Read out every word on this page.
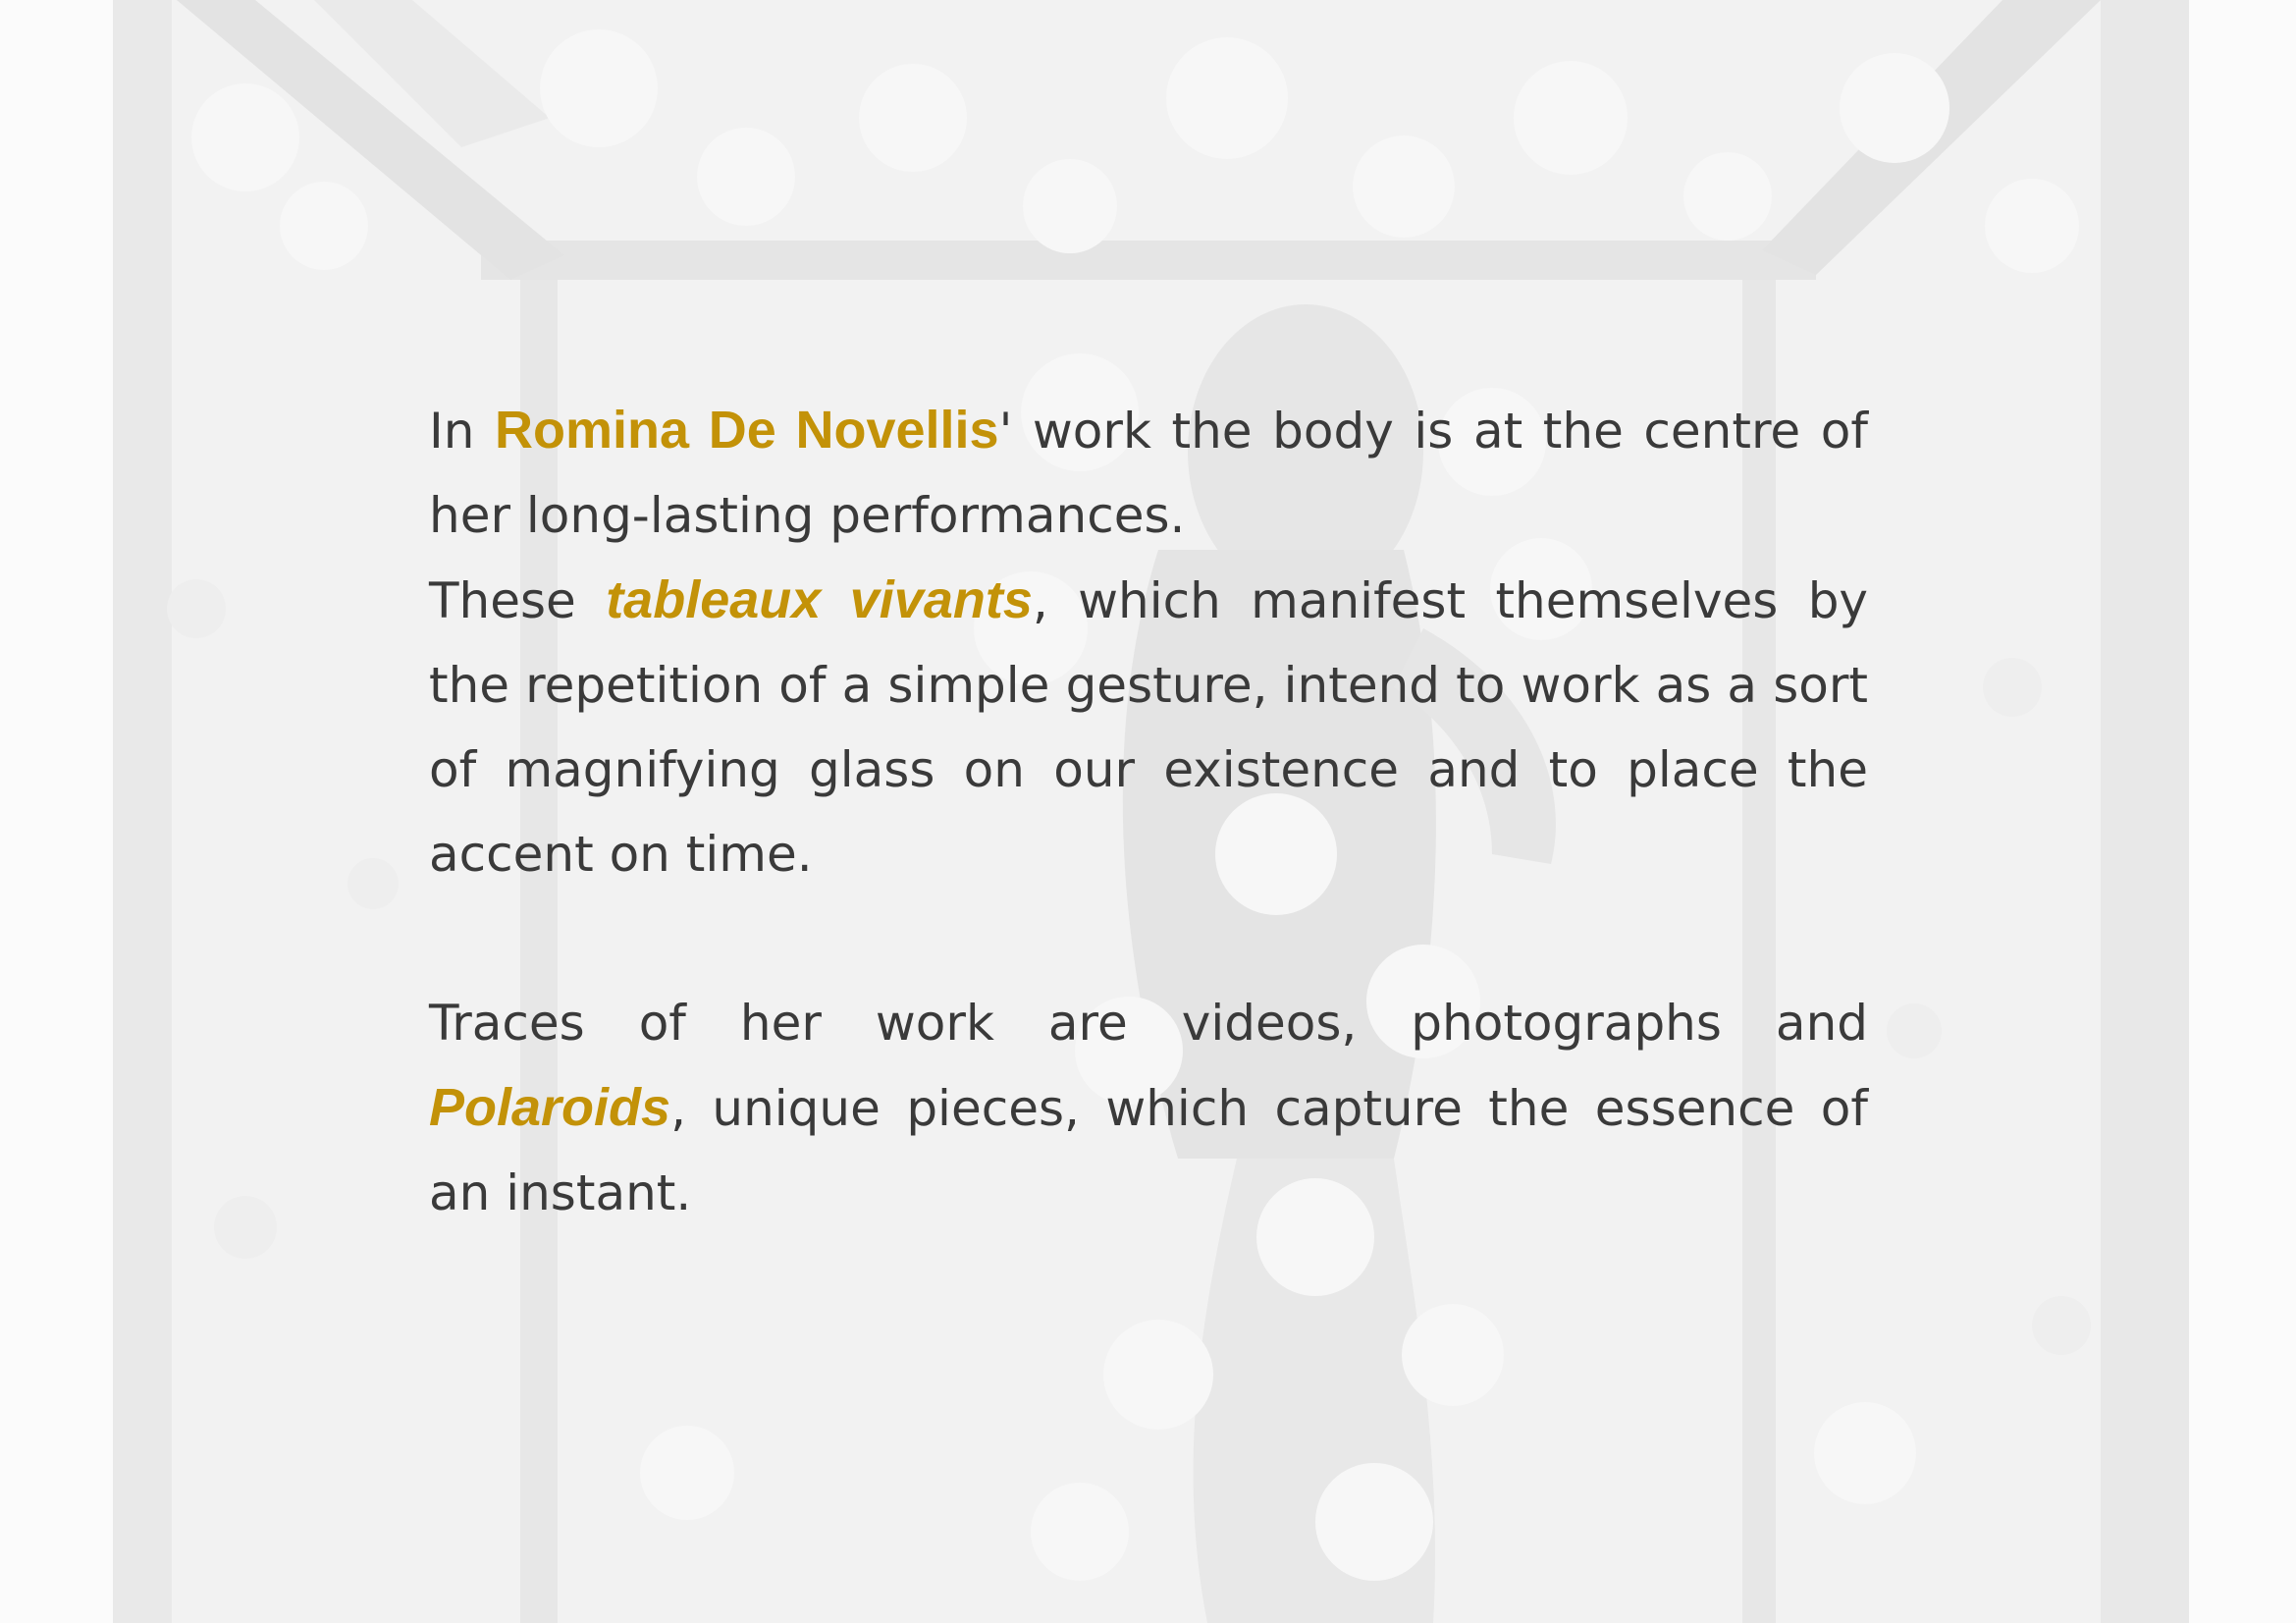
In Romina De Novellis' work the body is at the centre of her long-lasting performances.

These tableaux vivants, which manifest themselves by the repetition of a simple gesture, intend to work as a sort of magnifying glass on our existence and to place the accent on time.

Traces of her work are videos, photographs and Polaroids, unique pieces, which capture the essence of an instant.
